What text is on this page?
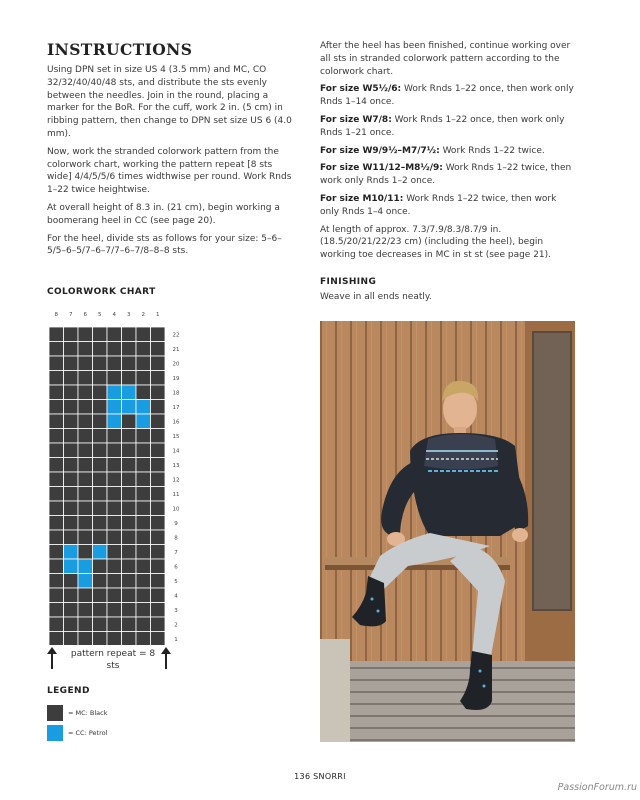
INSTRUCTIONS

Using DPN set in size US 4 (3.5 mm) and MC, CO 32/32/40/40/48 sts, and distribute the sts evenly between the needles. Join in the round, placing a marker for the BoR. For the cuff, work 2 in. (5 cm) in ribbing pattern, then change to DPN set size US 6 (4.0 mm).

Now, work the stranded colorwork pattern from the colorwork chart, working the pattern repeat [8 sts wide] 4/4/5/5/6 times widthwise per round. Work Rnds 1–22 twice heightwise.

At overall height of 8.3 in. (21 cm), begin working a boomerang heel in CC (see page 20).

For the heel, divide sts as follows for your size: 5–6–5/5–6–5/7–6–7/7–6–7/8–8–8 sts.

After the heel has been finished, continue working over all sts in stranded colorwork pattern according to the colorwork chart.

For size W5½/6: Work Rnds 1–22 once, then work only Rnds 1–14 once.

For size W7/8: Work Rnds 1–22 once, then work only Rnds 1–21 once.

For size W9/9½–M7/7½: Work Rnds 1–22 twice.

For size W11/12–M8½/9: Work Rnds 1–22 twice, then work only Rnds 1–2 once.

For size M10/11: Work Rnds 1–22 twice, then work only Rnds 1–4 once.

At length of approx. 7.3/7.9/8.3/8.7/9 in. (18.5/20/21/22/23 cm) (including the heel), begin working toe decreases in MC in st st (see page 21).

FINISHING

Weave in all ends neatly.

COLORWORK CHART
8 7 6 5 4 3 2 1
22
21
20
19
18
17
16
15
14
13
12
11
10
9
8
7
6
5
4
3
2
1
pattern repeat = 8 sts
LEGEND
= MC: Black
= CC: Petrol
136 SNORRI
PassionForum.ru
